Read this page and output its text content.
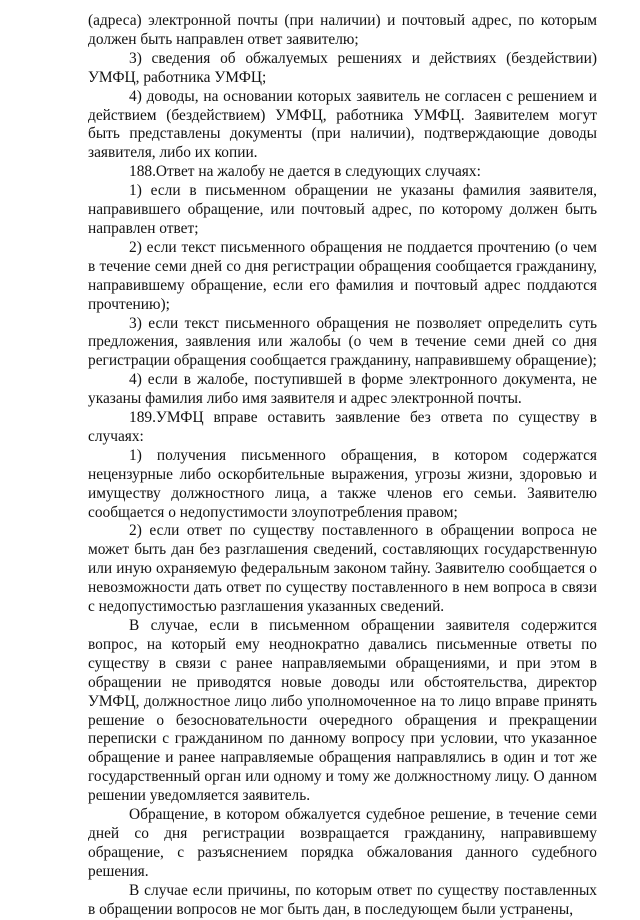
(адреса) электронной почты (при наличии) и почтовый адрес, по которым должен быть направлен ответ заявителю;

3) сведения об обжалуемых решениях и действиях (бездействии) УМФЦ, работника УМФЦ;

4) доводы, на основании которых заявитель не согласен с решением и действием (бездействием) УМФЦ, работника УМФЦ. Заявителем могут быть представлены документы (при наличии), подтверждающие доводы заявителя, либо их копии.

188.Ответ на жалобу не дается в следующих случаях:

1) если в письменном обращении не указаны фамилия заявителя, направившего обращение, или почтовый адрес, по которому должен быть направлен ответ;

2) если текст письменного обращения не поддается прочтению (о чем в течение семи дней со дня регистрации обращения сообщается гражданину, направившему обращение, если его фамилия и почтовый адрес поддаются прочтению);

3) если текст письменного обращения не позволяет определить суть предложения, заявления или жалобы (о чем в течение семи дней со дня регистрации обращения сообщается гражданину, направившему обращение);

4) если в жалобе, поступившей в форме электронного документа, не указаны фамилия либо имя заявителя и адрес электронной почты.

189.УМФЦ вправе оставить заявление без ответа по существу в случаях:

1) получения письменного обращения, в котором содержатся нецензурные либо оскорбительные выражения, угрозы жизни, здоровью и имуществу должностного лица, а также членов его семьи. Заявителю сообщается о недопустимости злоупотребления правом;

2) если ответ по существу поставленного в обращении вопроса не может быть дан без разглашения сведений, составляющих государственную или иную охраняемую федеральным законом тайну. Заявителю сообщается о невозможности дать ответ по существу поставленного в нем вопроса в связи с недопустимостью разглашения указанных сведений.

В случае, если в письменном обращении заявителя содержится вопрос, на который ему неоднократно давались письменные ответы по существу в связи с ранее направляемыми обращениями, и при этом в обращении не приводятся новые доводы или обстоятельства, директор УМФЦ, должностное лицо либо уполномоченное на то лицо вправе принять решение о безосновательности очередного обращения и прекращении переписки с гражданином по данному вопросу при условии, что указанное обращение и ранее направляемые обращения направлялись в один и тот же государственный орган или одному и тому же должностному лицу. О данном решении уведомляется заявитель.

Обращение, в котором обжалуется судебное решение, в течение семи дней со дня регистрации возвращается гражданину, направившему обращение, с разъяснением порядка обжалования данного судебного решения.

В случае если причины, по которым ответ по существу поставленных в обращении вопросов не мог быть дан, в последующем были устранены,
